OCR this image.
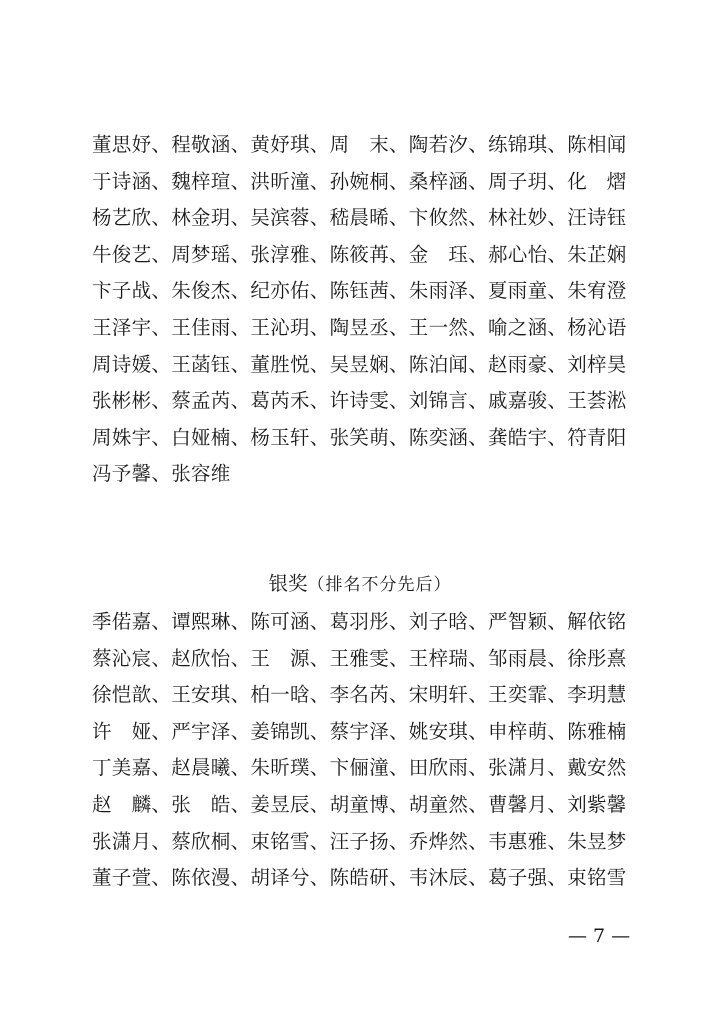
董思妤、程敬涵、黄妤琪、周　末、陶若汐、练锦琪、陈相闻
于诗涵、魏梓瑄、洪昕潼、孙婉桐、桑梓涵、周子玥、化　熠
杨艺欣、林金玥、吴滨蓉、嵇晨晞、卞攸然、林社妙、汪诗钰
牛俊艺、周梦瑶、张淳雅、陈筱苒、金　珏、郝心怡、朱芷娴
卞子战、朱俊杰、纪亦佑、陈钰茜、朱雨泽、夏雨童、朱宥澄
王泽宇、王佳雨、王沁玥、陶昱丞、王一然、喻之涵、杨沁语
周诗媛、王菡钰、董胜悦、吴昱娴、陈泊闻、赵雨豪、刘梓昊
张彬彬、蔡孟芮、葛芮禾、许诗雯、刘锦言、戚嘉骏、王荟淞
周姝宇、白娅楠、杨玉轩、张笑萌、陈奕涵、龚皓宇、符青阳
冯予馨、张容维
银奖（排名不分先后）
季偌嘉、谭熙琳、陈可涵、葛羽彤、刘子晗、严智颖、解依铭
蔡沁宸、赵欣怡、王　源、王雅雯、王梓瑞、邹雨晨、徐彤熹
徐恺歆、王安琪、柏一晗、李名芮、宋明轩、王奕霏、李玥慧
许　娅、严宇泽、姜锦凯、蔡宇泽、姚安琪、申梓萌、陈雅楠
丁美嘉、赵晨曦、朱昕璞、卞俪潼、田欣雨、张潇月、戴安然
赵　麟、张　皓、姜昱辰、胡童博、胡童然、曹馨月、刘紫馨
张潇月、蔡欣桐、束铭雪、汪子扬、乔烨然、韦惠雅、朱昱梦
董子萱、陈依漫、胡译兮、陈皓研、韦沐辰、葛子强、束铭雪
— 7 —
